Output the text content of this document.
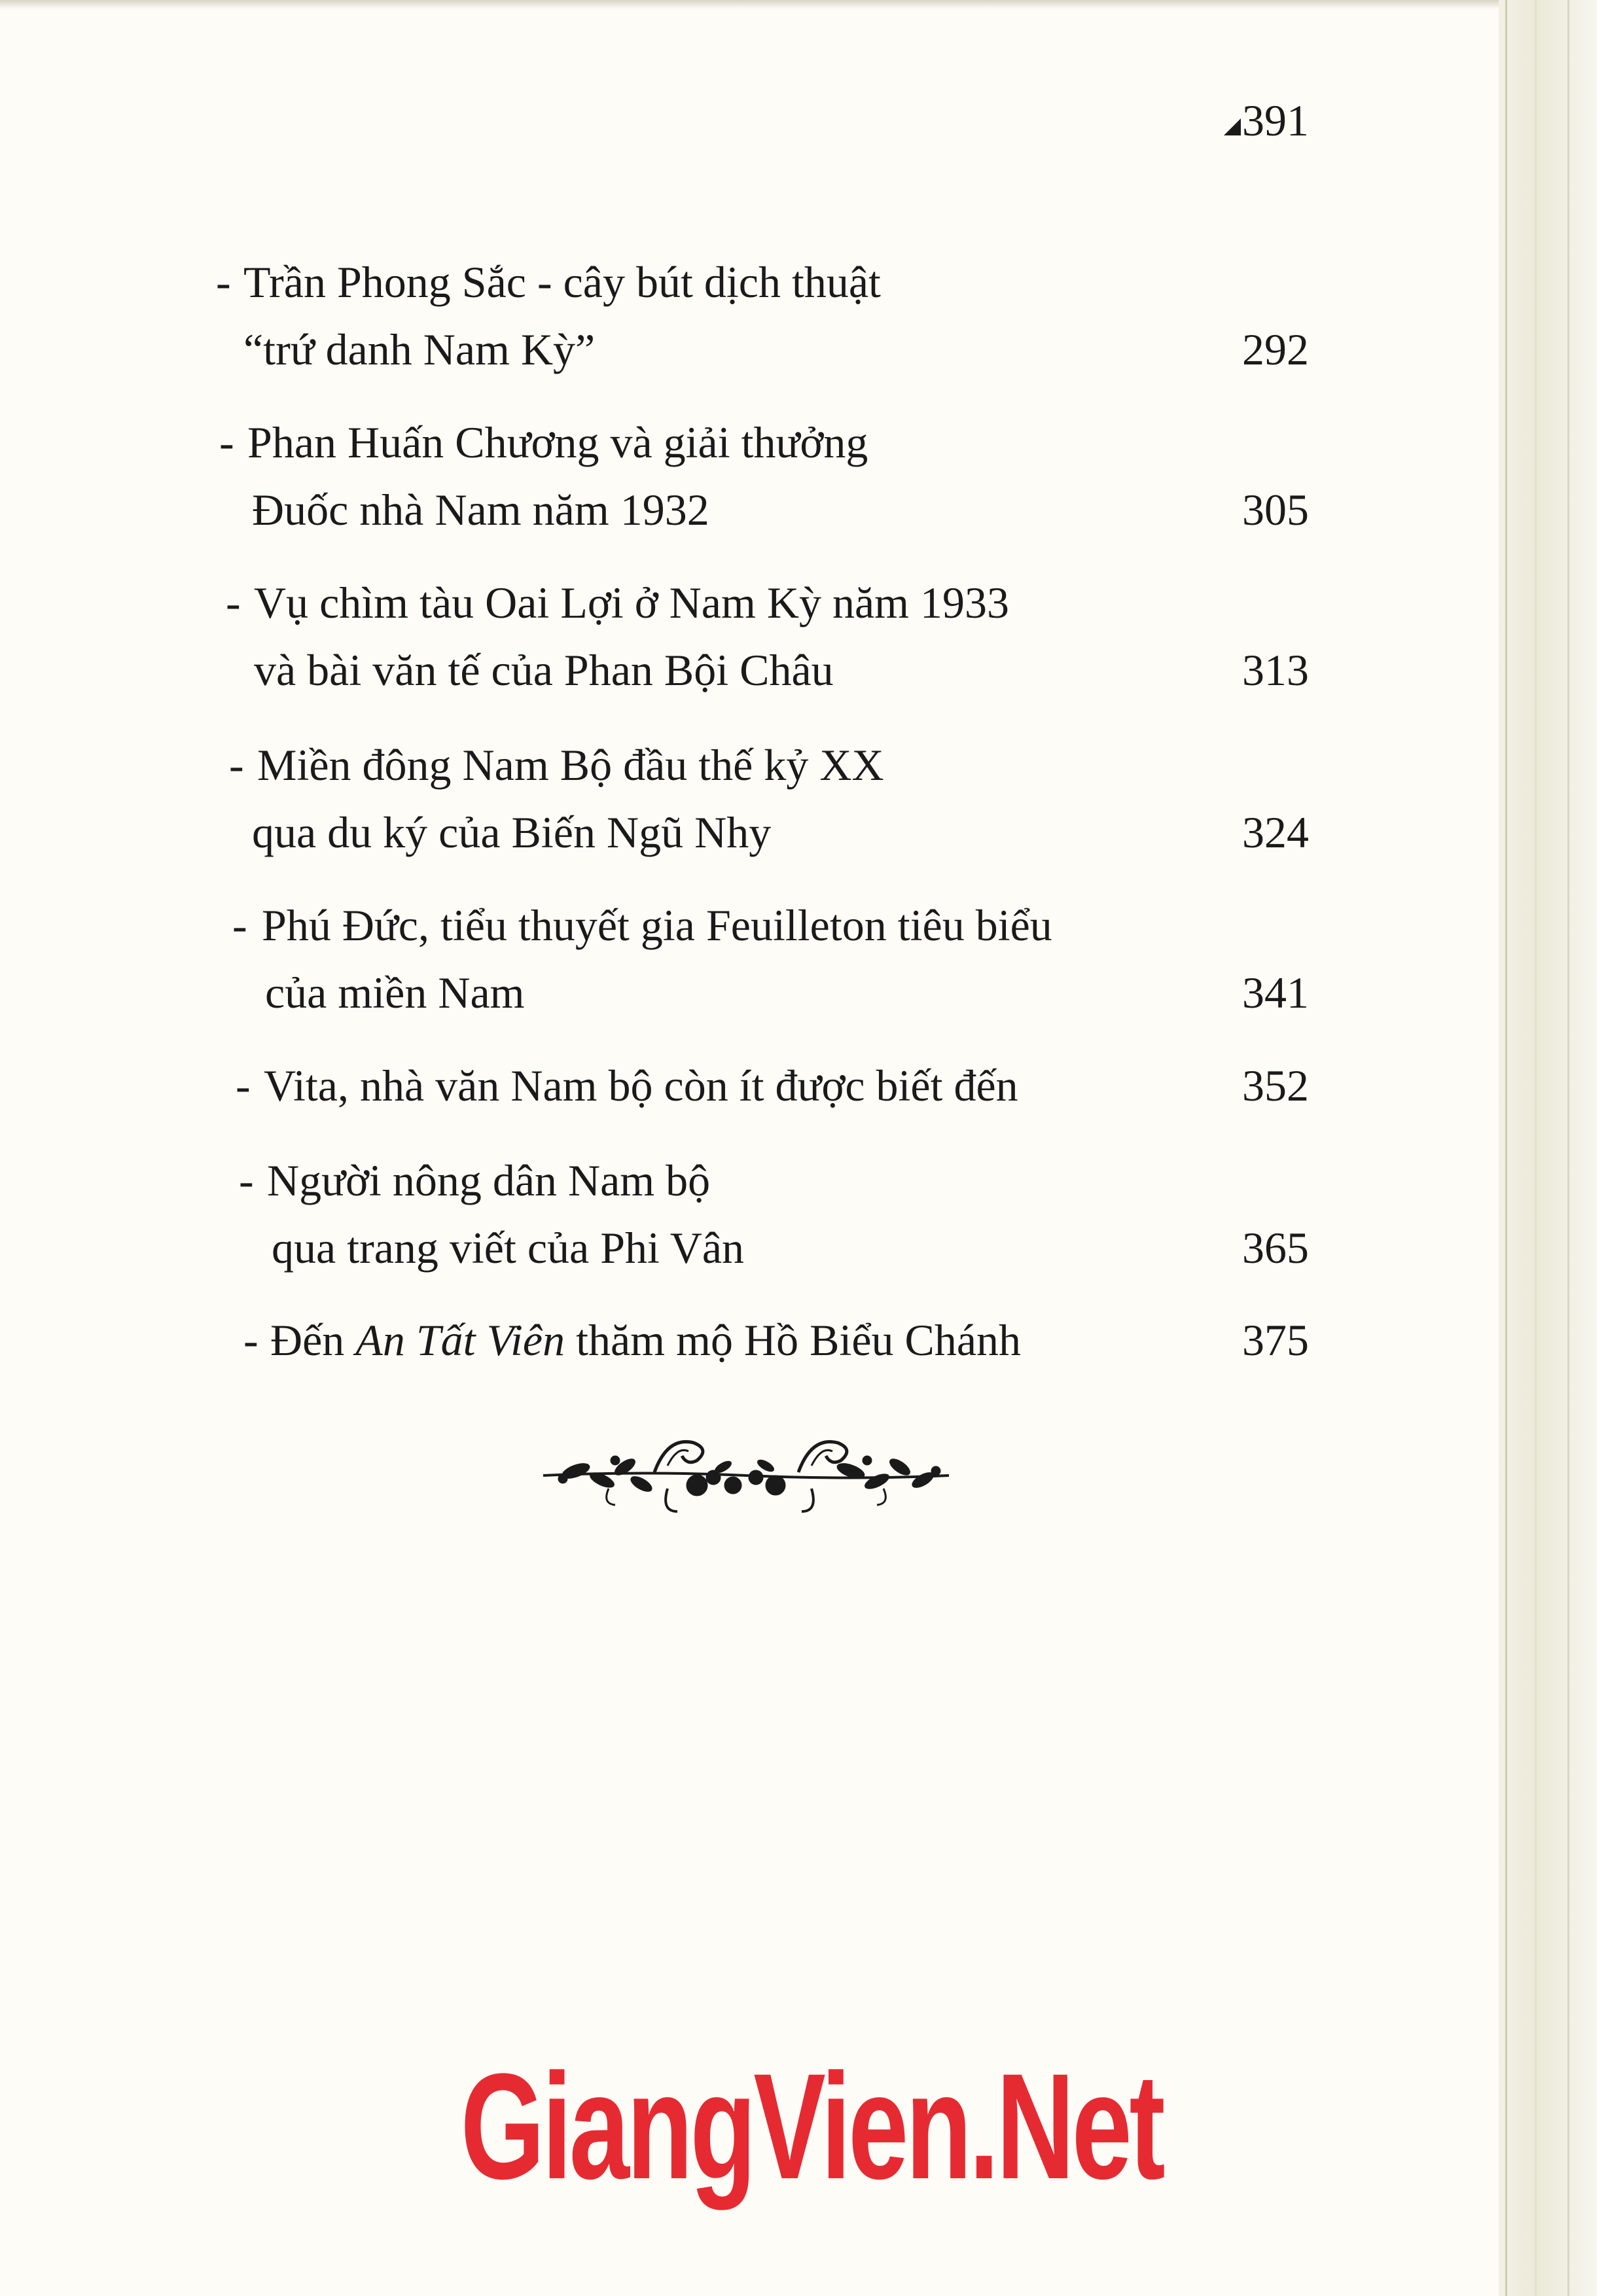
391
- Trần Phong Sắc - cây bút dịch thuật
“trứ danh Nam Kỳ”	292
- Phan Huấn Chương và giải thưởng
Đuốc nhà Nam năm 1932	305
- Vụ chìm tàu Oai Lợi ở Nam Kỳ năm 1933
và bài văn tế của Phan Bội Châu	313
- Miền đông Nam Bộ đầu thế kỷ XX
qua du ký của Biến Ngũ Nhy	324
- Phú Đức, tiểu thuyết gia Feuilleton tiêu biểu
của miền Nam	341
- Vita, nhà văn Nam bộ còn ít được biết đến	352
- Người nông dân Nam bộ
qua trang viết của Phi Vân	365
- Đến An Tất Viên thăm mộ Hồ Biểu Chánh	375
GiangVien.Net
